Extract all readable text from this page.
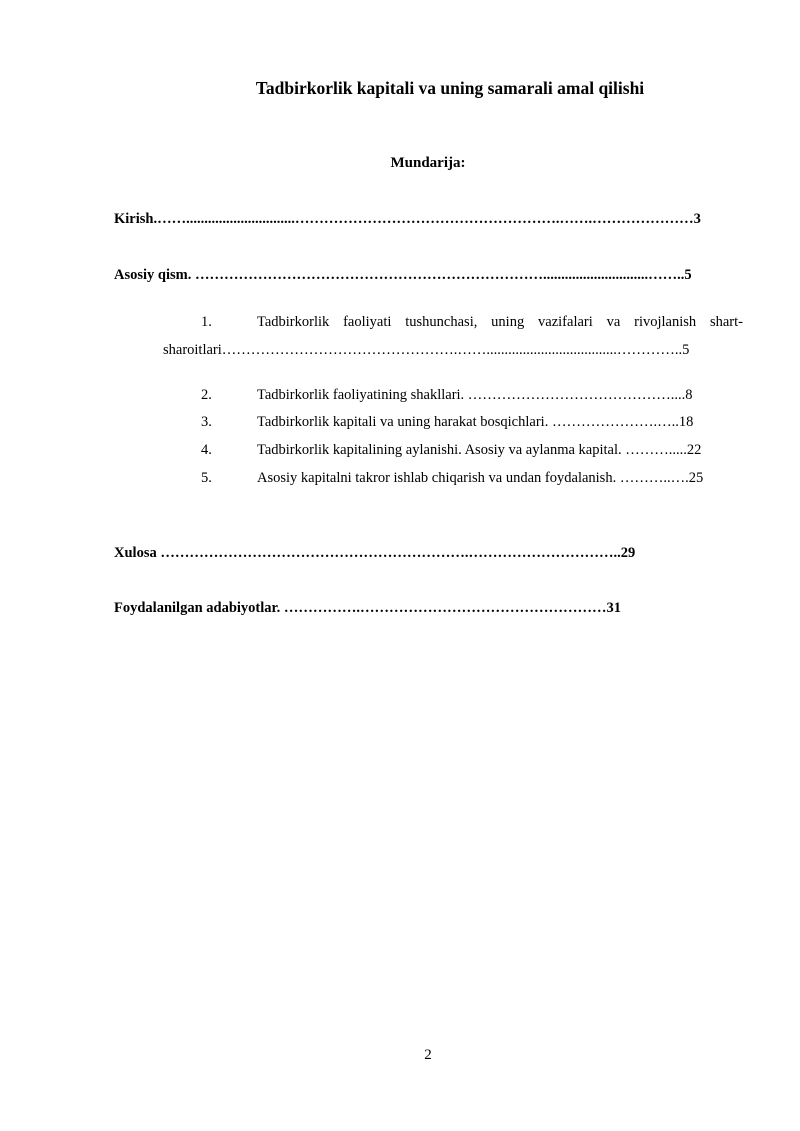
Tadbirkorlik kapitali va uning samarali amal qilishi
Mundarija:
Kirish.……..............................……………………………………………….…….…………………3
Asosiy qism. ……………………………………………………………….............................……..5
1.	Tadbirkorlik faoliyati tushunchasi, uning vazifalari va rivojlanish shart-
sharoitlari………………………………………….……....................................…………..5
2.	Tadbirkorlik faoliyatining shakllari. ……………………………………....8
3.	Tadbirkorlik kapitali va uning harakat bosqichlari. ………………….…..18
4.	Tadbirkorlik kapitalining aylanishi. Asosiy va aylanma kapital. ……….....22
5.	Asosiy kapitalni takror ishlab chiqarish va undan foydalanish. ………..….25
Xulosa ……………………………………………………….…………………………..29
Foydalanilgan adabiyotlar. …………….……………………………………………31
2
